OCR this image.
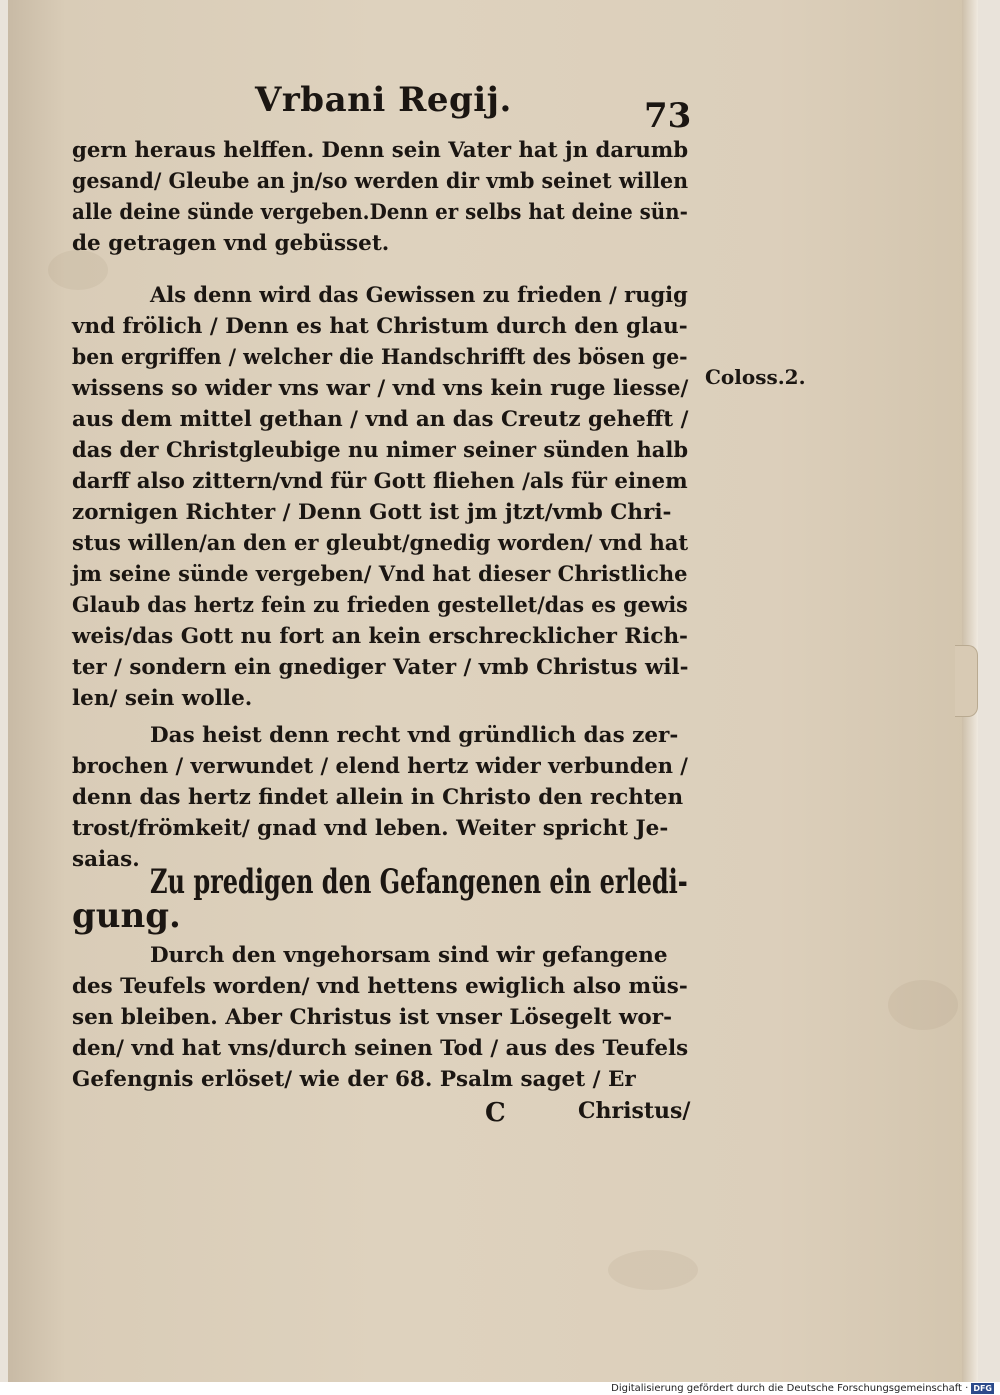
Vrbani Regij.	73
Coloss.2.
gern heraus helffen. Denn sein Vater hat jn darumb
gesand/ Gleube an jn/so werden dir vmb seinet willen
alle deine sünde vergeben.Denn er selbs hat deine sün-
de getragen vnd gebüsset.
Als denn wird das Gewissen zu frieden / rugig
vnd frölich / Denn es hat Christum durch den glau-
ben ergriffen / welcher die Handschrifft des bösen ge-
wissens so wider vns war / vnd vns kein ruge liesse/
aus dem mittel gethan / vnd an das Creutz gehefft /
das der Christgleubige nu nimer seiner sünden halb
darff also zittern/vnd für Gott fliehen /als für einem
zornigen Richter / Denn Gott ist jm jtzt/vmb Chri-
stus willen/an den er gleubt/gnedig worden/ vnd hat
jm seine sünde vergeben/ Vnd hat dieser Christliche
Glaub das hertz fein zu frieden gestellet/das es gewis
weis/das Gott nu fort an kein erschrecklicher Rich-
ter / sondern ein gnediger Vater / vmb Christus wil-
len/ sein wolle.
Das heist denn recht vnd gründlich das zer-
brochen / verwundet / elend hertz wider verbunden /
denn das hertz findet allein in Christo den rechten
trost/frömkeit/ gnad vnd leben. Weiter spricht Je-
saias.
Zu predigen den Gefangenen ein erledi-
gung.
Durch den vngehorsam sind wir gefangene
des Teufels worden/ vnd hettens ewiglich also müs-
sen bleiben. Aber Christus ist vnser Lösegelt wor-
den/ vnd hat vns/durch seinen Tod / aus des Teufels
Gefengnis erlöset/ wie der 68. Psalm saget / Er
C	Christus/
Digitalisierung gefördert durch die Deutsche Forschungsgemeinschaft · DFG
